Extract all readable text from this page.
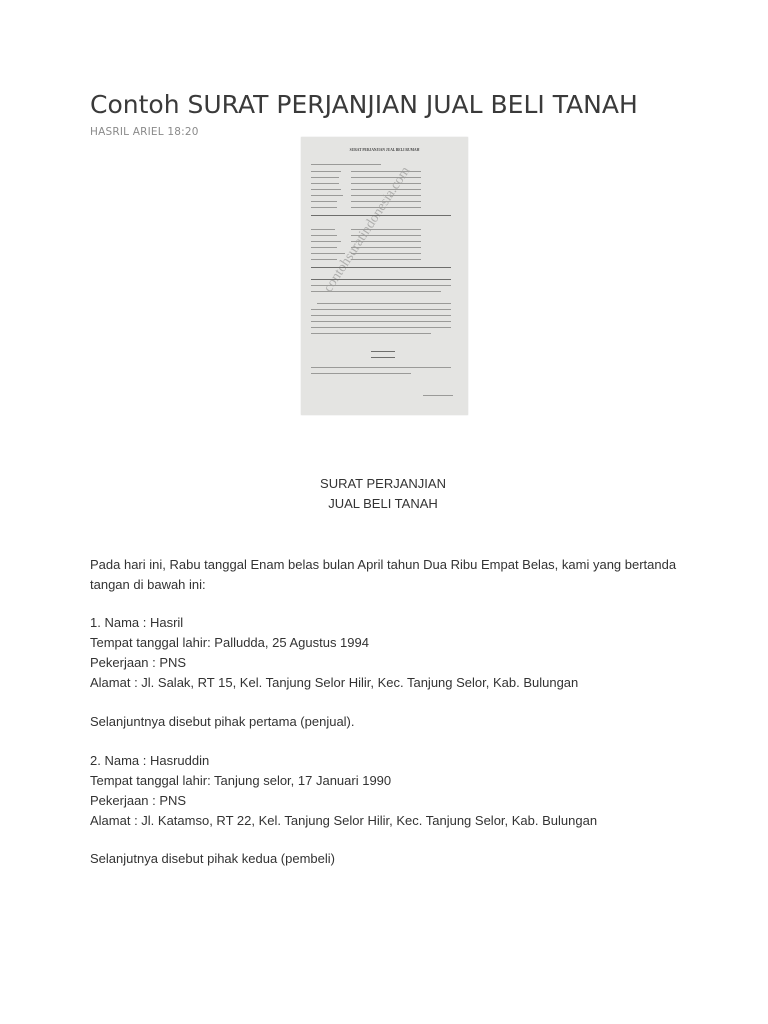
Contoh SURAT PERJANJIAN JUAL BELI TANAH
HASRIL ARIEL 18:20
SURAT PERJANJIAN JUAL BELI RUMAH
SURAT PERJANJIAN
JUAL BELI TANAH
Pada hari ini, Rabu tanggal Enam belas bulan April tahun Dua Ribu Empat Belas, kami yang bertanda tangan di bawah ini:
1. Nama : Hasril
Tempat tanggal lahir: Palludda, 25 Agustus 1994
Pekerjaan : PNS
Alamat : Jl. Salak, RT 15, Kel. Tanjung Selor Hilir, Kec. Tanjung Selor, Kab. Bulungan
Selanjuntnya disebut pihak pertama (penjual).
2. Nama : Hasruddin
Tempat tanggal lahir: Tanjung selor, 17 Januari 1990
Pekerjaan : PNS
Alamat : Jl. Katamso, RT 22, Kel. Tanjung Selor Hilir, Kec. Tanjung Selor, Kab. Bulungan
Selanjutnya disebut pihak kedua (pembeli)
